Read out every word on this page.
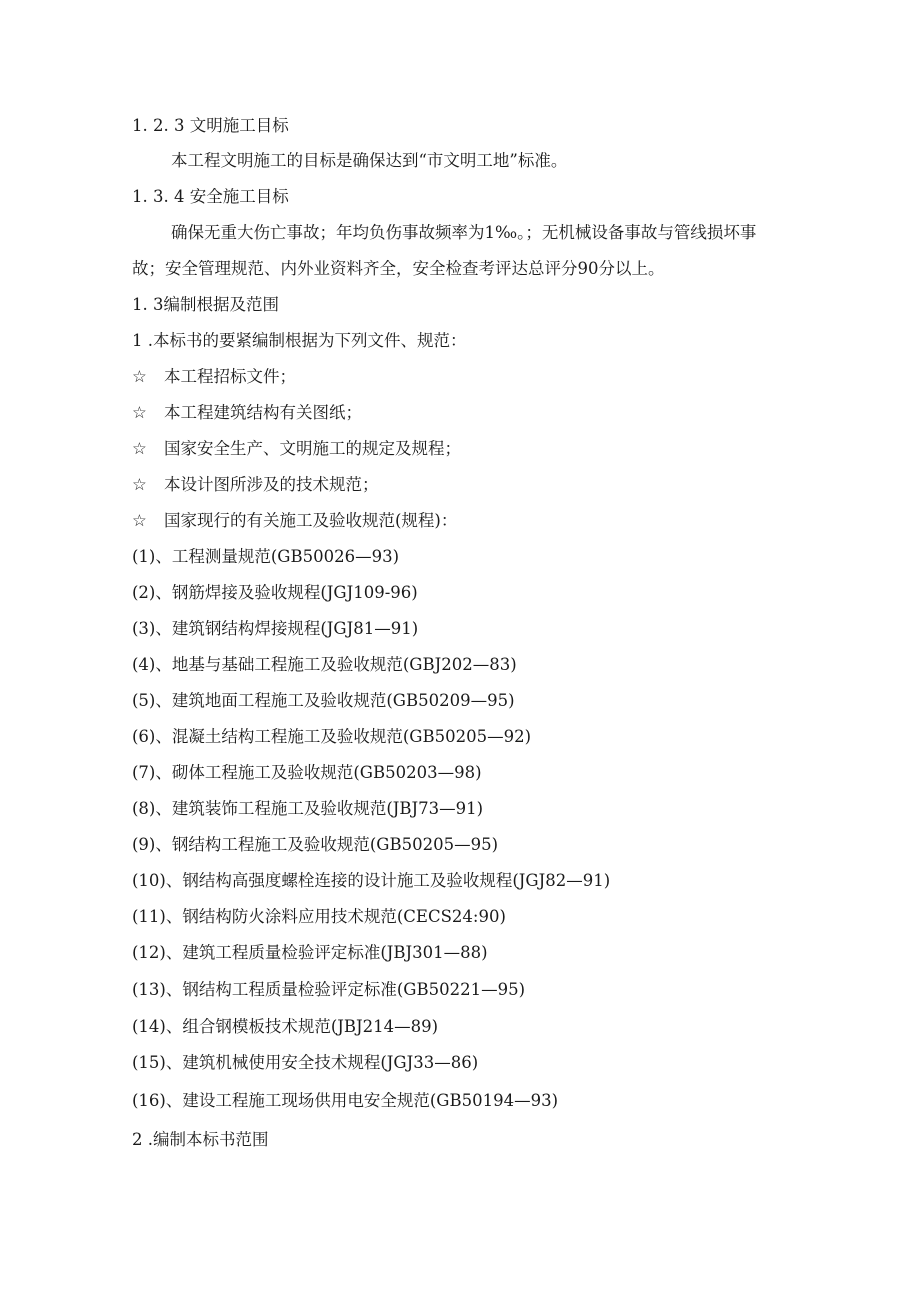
1. 2. 3 文明施工目标
本工程文明施工的目标是确保达到“市文明工地”标准。
1. 3. 4 安全施工目标
确保无重大伤亡事故；年均负伤事故频率为1‰。；无机械设备事故与管线损坏事
故；安全管理规范、内外业资料齐全，安全检查考评达总评分90分以上。
1. 3编制根据及范围
1 .本标书的要紧编制根据为下列文件、规范：
☆ 本工程招标文件；
☆ 本工程建筑结构有关图纸；
☆ 国家安全生产、文明施工的规定及规程；
☆ 本设计图所涉及的技术规范；
☆ 国家现行的有关施工及验收规范(规程)：
(1)、工程测量规范(GB50026—93)
(2)、钢筋焊接及验收规程(JGJ109-96)
(3)、建筑钢结构焊接规程(JGJ81—91)
(4)、地基与基础工程施工及验收规范(GBJ202—83)
(5)、建筑地面工程施工及验收规范(GB50209—95)
(6)、混凝土结构工程施工及验收规范(GB50205—92)
(7)、砌体工程施工及验收规范(GB50203—98)
(8)、建筑装饰工程施工及验收规范(JBJ73—91)
(9)、钢结构工程施工及验收规范(GB50205—95)
(10)、钢结构高强度螺栓连接的设计施工及验收规程(JGJ82—91)
(11)、钢结构防火涂料应用技术规范(CECS24:90)
(12)、建筑工程质量检验评定标准(JBJ301—88)
(13)、钢结构工程质量检验评定标准(GB50221—95)
(14)、组合钢模板技术规范(JBJ214—89)
(15)、建筑机械使用安全技术规程(JGJ33—86)
(16)、建设工程施工现场供用电安全规范(GB50194—93)
2 .编制本标书范围
